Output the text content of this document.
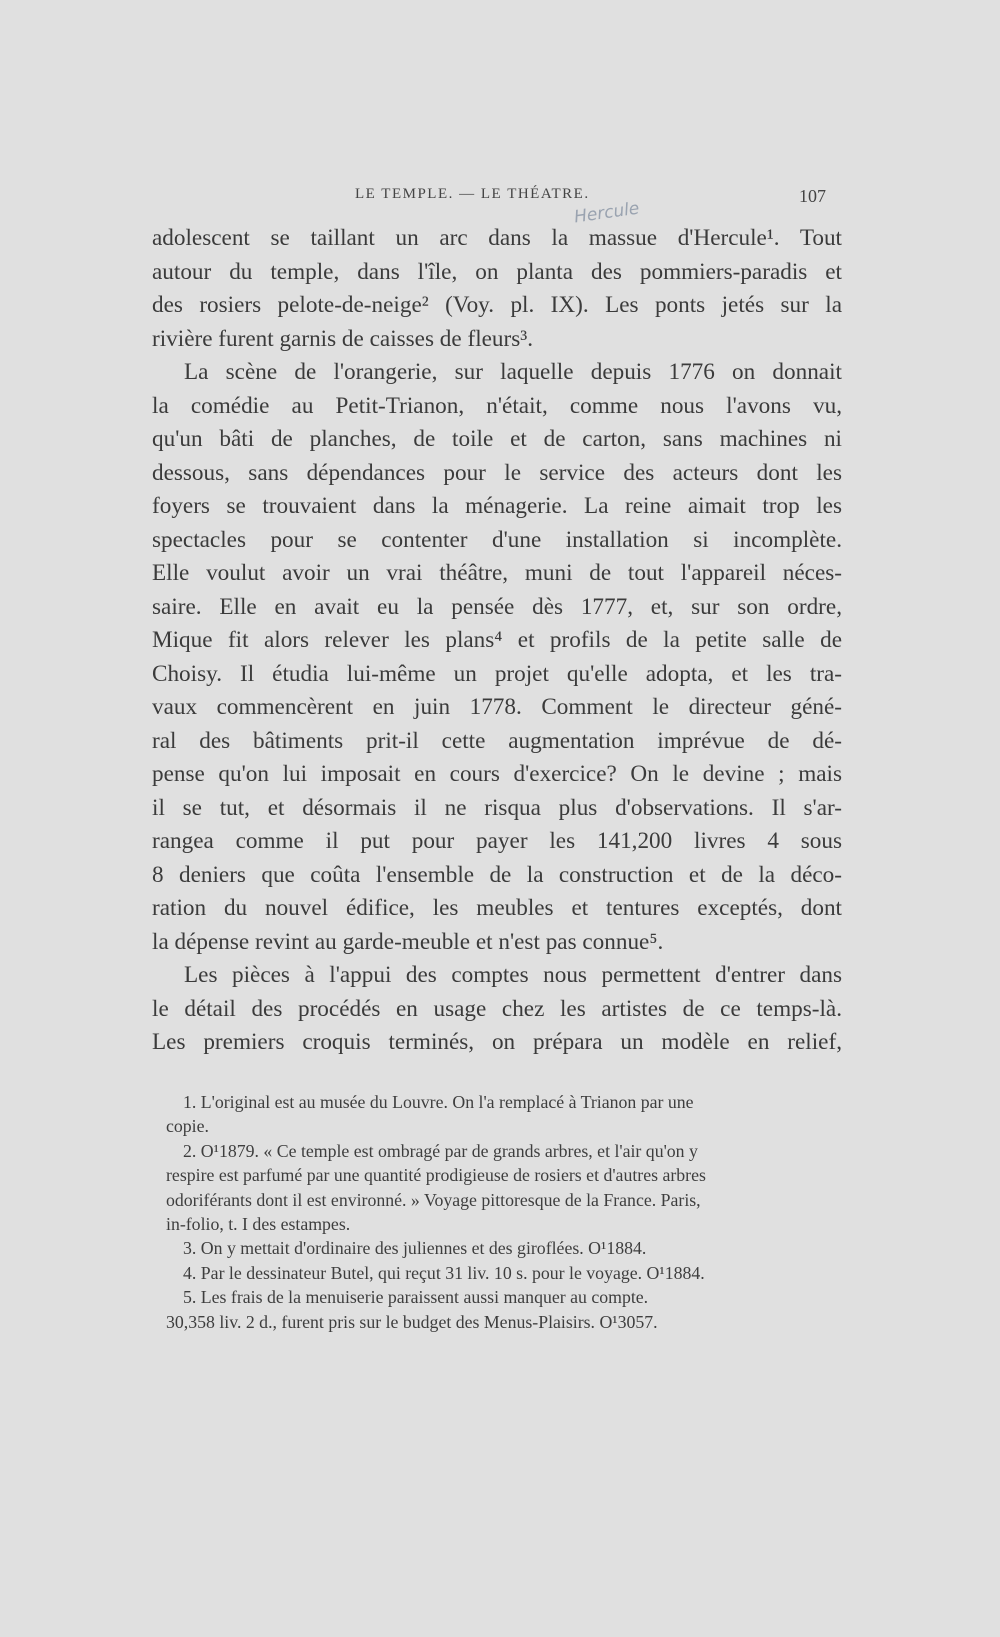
LE TEMPLE. — LE THÉATRE.	107
Hercule

adolescent se taillant un arc dans la massue d'Hercule¹. Tout
autour du temple, dans l'île, on planta des pommiers-paradis et
des rosiers pelote-de-neige² (Voy. pl. IX). Les ponts jetés sur la
rivière furent garnis de caisses de fleurs³.

La scène de l'orangerie, sur laquelle depuis 1776 on donnait
la comédie au Petit-Trianon, n'était, comme nous l'avons vu,
qu'un bâti de planches, de toile et de carton, sans machines ni
dessous, sans dépendances pour le service des acteurs dont les
foyers se trouvaient dans la ménagerie. La reine aimait trop les
spectacles pour se contenter d'une installation si incomplète.
Elle voulut avoir un vrai théâtre, muni de tout l'appareil néces-
saire. Elle en avait eu la pensée dès 1777, et, sur son ordre,
Mique fit alors relever les plans⁴ et profils de la petite salle de
Choisy. Il étudia lui-même un projet qu'elle adopta, et les tra-
vaux commencèrent en juin 1778. Comment le directeur géné-
ral des bâtiments prit-il cette augmentation imprévue de dé-
pense qu'on lui imposait en cours d'exercice? On le devine ; mais
il se tut, et désormais il ne risqua plus d'observations. Il s'ar-
rangea comme il put pour payer les 141,200 livres 4 sous
8 deniers que coûta l'ensemble de la construction et de la déco-
ration du nouvel édifice, les meubles et tentures exceptés, dont
la dépense revint au garde-meuble et n'est pas connue⁵.

Les pièces à l'appui des comptes nous permettent d'entrer dans
le détail des procédés en usage chez les artistes de ce temps-là.
Les premiers croquis terminés, on prépara un modèle en relief,

1. L'original est au musée du Louvre. On l'a remplacé à Trianon par une
copie.

2. O¹1879. « Ce temple est ombragé par de grands arbres, et l'air qu'on y
respire est parfumé par une quantité prodigieuse de rosiers et d'autres arbres
odoriférants dont il est environné. » Voyage pittoresque de la France. Paris,
in-folio, t. I des estampes.

3. On y mettait d'ordinaire des juliennes et des giroflées. O¹1884.

4. Par le dessinateur Butel, qui reçut 31 liv. 10 s. pour le voyage. O¹1884.

5. Les frais de la menuiserie paraissent aussi manquer au compte.
30,358 liv. 2 d., furent pris sur le budget des Menus-Plaisirs. O¹3057.
